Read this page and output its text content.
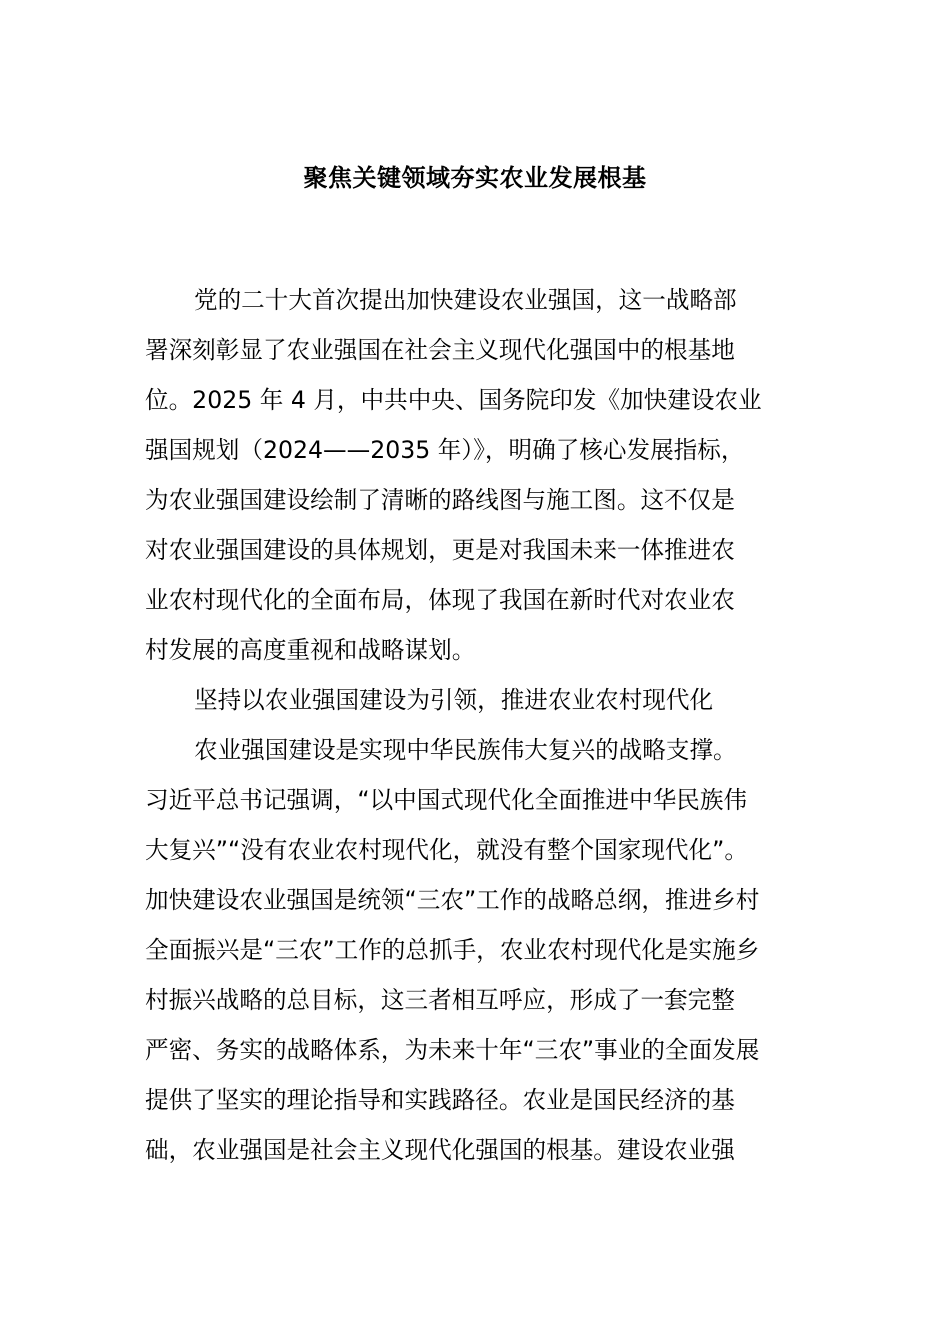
聚焦关键领域夯实农业发展根基
党的二十大首次提出加快建设农业强国，这一战略部
署深刻彰显了农业强国在社会主义现代化强国中的根基地
位。2025 年 4 月，中共中央、国务院印发《加快建设农业
强国规划（2024——2035 年）》，明确了核心发展指标，
为农业强国建设绘制了清晰的路线图与施工图。这不仅是
对农业强国建设的具体规划，更是对我国未来一体推进农
业农村现代化的全面布局，体现了我国在新时代对农业农
村发展的高度重视和战略谋划。
坚持以农业强国建设为引领，推进农业农村现代化
农业强国建设是实现中华民族伟大复兴的战略支撑。
习近平总书记强调，“以中国式现代化全面推进中华民族伟
大复兴”“没有农业农村现代化，就没有整个国家现代化”。
加快建设农业强国是统领“三农”工作的战略总纲，推进乡村
全面振兴是“三农”工作的总抓手，农业农村现代化是实施乡
村振兴战略的总目标，这三者相互呼应，形成了一套完整
严密、务实的战略体系，为未来十年“三农”事业的全面发展
提供了坚实的理论指导和实践路径。农业是国民经济的基
础，农业强国是社会主义现代化强国的根基。建设农业强
